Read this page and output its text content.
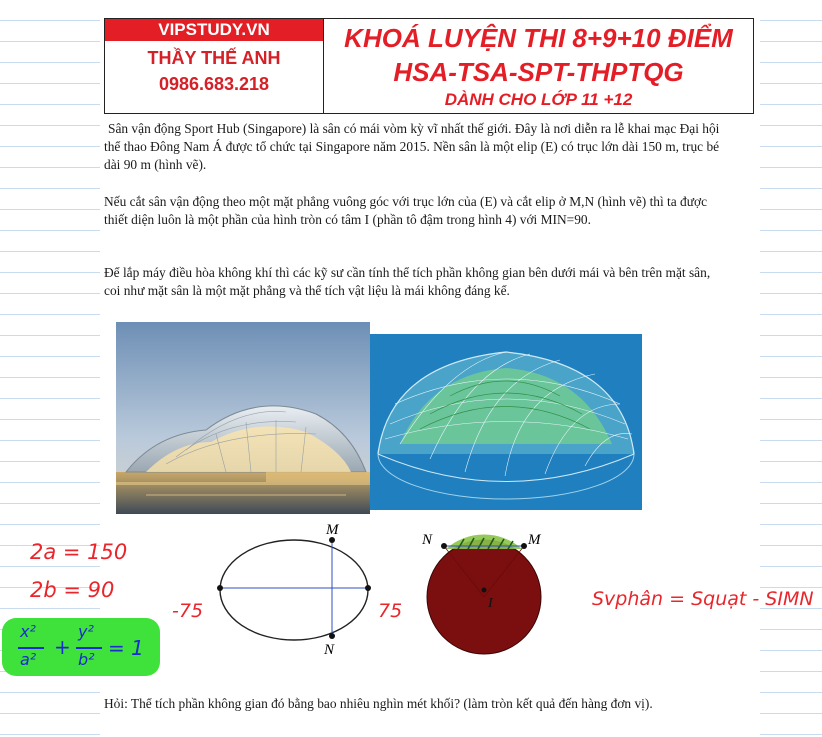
VIPSTUDY.VN
THẦY THẾ ANH
0986.683.218
KHOÁ LUYỆN THI 8+9+10 ĐIỂM
HSA-TSA-SPT-THPTQG
DÀNH CHO LỚP 11 +12

Sân vận động Sport Hub (Singapore) là sân có mái vòm kỳ vĩ nhất thế giới. Đây là nơi diễn ra lễ khai mạc Đại hội thể thao Đông Nam Á được tổ chức tại Singapore năm 2015. Nền sân là một elip (E) có trục lớn dài 150 m, trục bé dài 90 m (hình vẽ).

Nếu cắt sân vận động theo một mặt phẳng vuông góc với trục lớn của (E) và cắt elip ở M,N (hình vẽ) thì ta được thiết diện luôn là một phần của hình tròn có tâm I (phần tô đậm trong hình 4) với MIN=90.

Để lắp máy điều hòa không khí thì các kỹ sư cần tính thể tích phần không gian bên dưới mái và bên trên mặt sân, coi như mặt sân là một mặt phẳng và thể tích vật liệu là mái không đáng kể.

M
N
N	M
I
2a = 150
2b = 90
-75	75
Svphân = Squạt - SIMN
+
x²
a²
y²
b² = 1

Hỏi: Thể tích phần không gian đó bằng bao nhiêu nghìn mét khối? (làm tròn kết quả đến hàng đơn vị).
